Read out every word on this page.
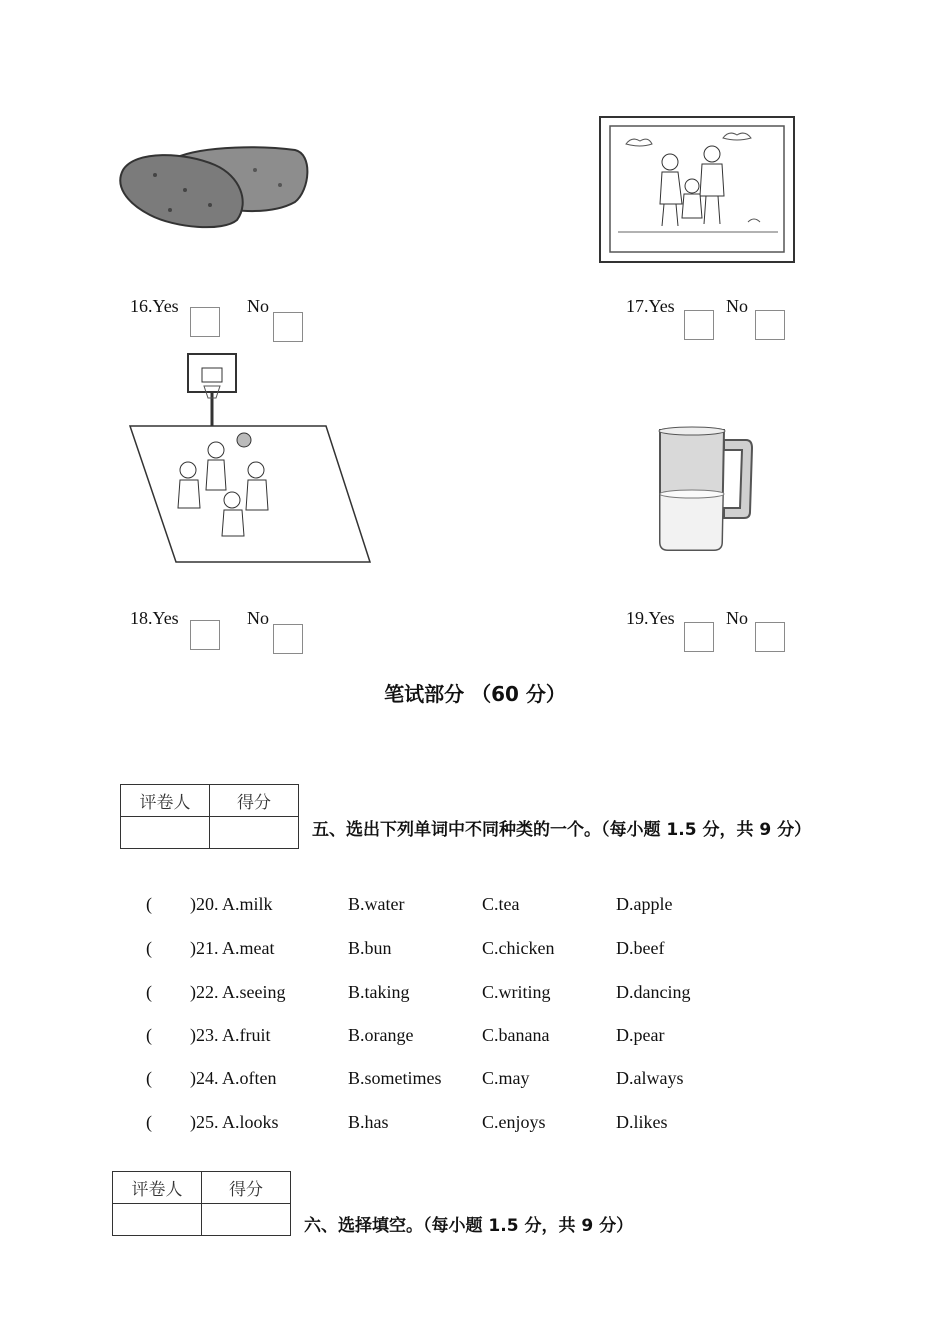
16.Yes	No	17.Yes	No
18.Yes	No	19.Yes	No
笔试部分 （60 分）
评卷人	得分

五、选出下列单词中不同种类的一个。（每小题 1.5 分，共 9 分）
( )20. A.milk	B.water	C.tea	D.apple
( )21. A.meat	B.bun	C.chicken	D.beef
( )22. A.seeing	B.taking	C.writing	D.dancing
( )23. A.fruit	B.orange	C.banana	D.pear
( )24. A.often	B.sometimes C.may	D.always
( )25. A.looks	B.has	C.enjoys	D.likes
评卷人	得分

六、选择填空。（每小题 1.5 分，共 9 分）
